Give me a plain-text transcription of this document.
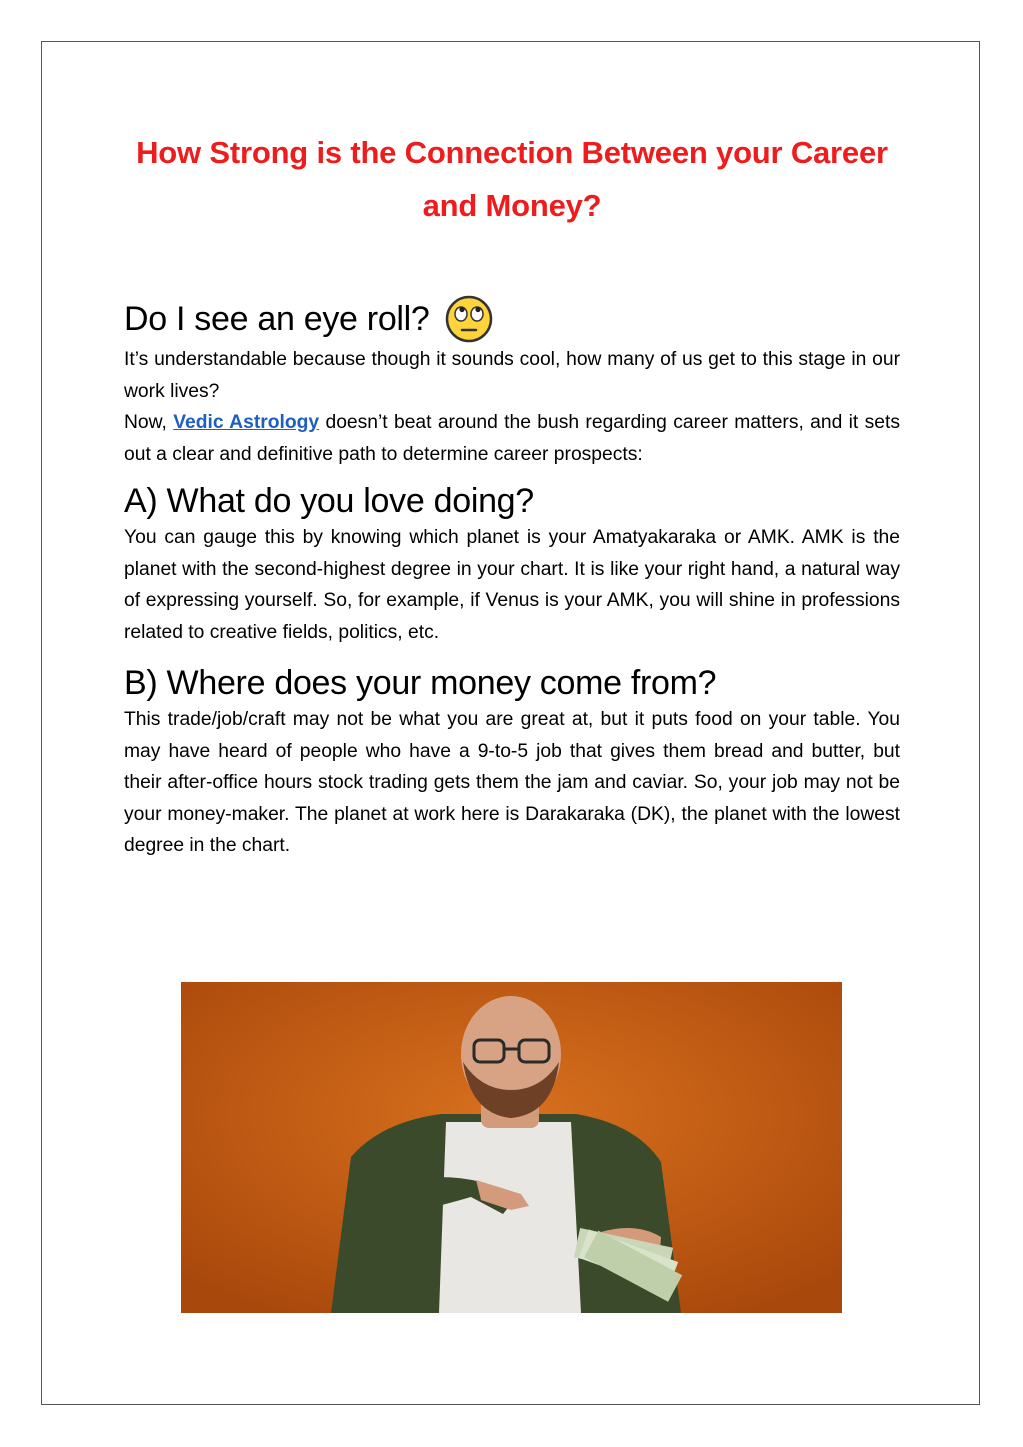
How Strong is the Connection Between your Career and Money?
Do I see an eye roll?

It’s understandable because though it sounds cool, how many of us get to this stage in our work lives?

Now, Vedic Astrology doesn’t beat around the bush regarding career matters, and it sets out a clear and definitive path to determine career prospects:

A) What do you love doing?

You can gauge this by knowing which planet is your Amatyakaraka or AMK. AMK is the planet with the second-highest degree in your chart. It is like your right hand, a natural way of expressing yourself. So, for example, if Venus is your AMK, you will shine in professions related to creative fields, politics, etc.

B) Where does your money come from?

This trade/job/craft may not be what you are great at, but it puts food on your table. You may have heard of people who have a 9-to-5 job that gives them bread and butter, but their after-office hours stock trading gets them the jam and caviar. So, your job may not be your money-maker. The planet at work here is Darakaraka (DK), the planet with the lowest degree in the chart.
